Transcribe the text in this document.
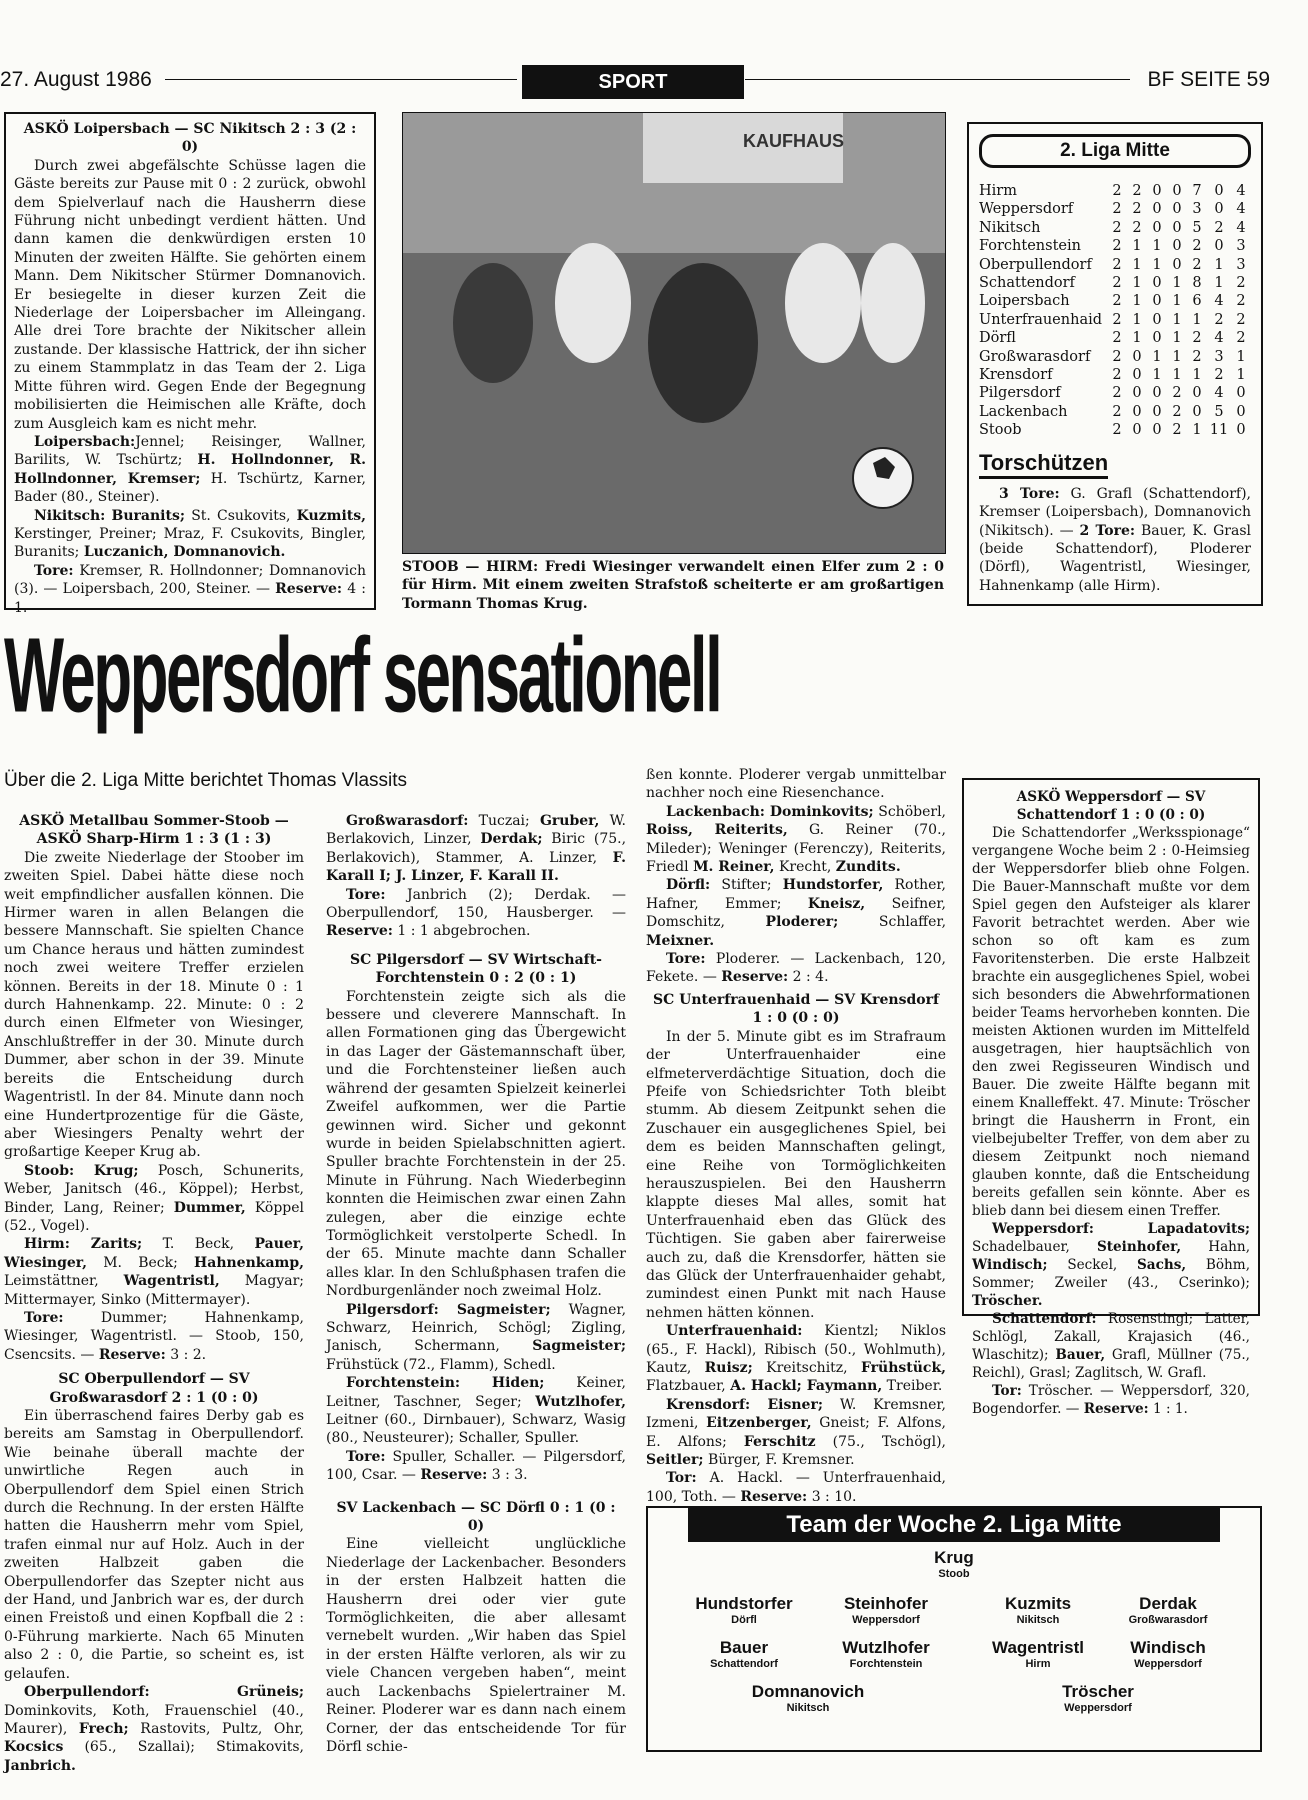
27. August 1986	SPORT	BF SEITE 59
ASKÖ Loipersbach — SC Nikitsch 2 : 3 (2 : 0)

Durch zwei abgefälschte Schüsse lagen die Gäste bereits zur Pause mit 0 : 2 zurück, obwohl dem Spielverlauf nach die Hausherrn diese Führung nicht unbedingt verdient hätten. Und dann kamen die denkwürdigen ersten 10 Minuten der zweiten Hälfte. Sie gehörten einem Mann. Dem Nikitscher Stürmer Domnanovich. Er besiegelte in dieser kurzen Zeit die Niederlage der Loipersbacher im Alleingang. Alle drei Tore brachte der Nikitscher allein zustande. Der klassische Hattrick, der ihn sicher zu einem Stammplatz in das Team der 2. Liga Mitte führen wird. Gegen Ende der Begegnung mobilisierten die Heimischen alle Kräfte, doch zum Ausgleich kam es nicht mehr.

Loipersbach:Jennel; Reisinger, Wallner, Barilits, W. Tschürtz; H. Hollndonner, R. Hollndonner, Kremser; H. Tschürtz, Karner, Bader (80., Steiner).

Nikitsch: Buranits; St. Csukovits, Kuzmits, Kerstinger, Preiner; Mraz, F. Csukovits, Bingler, Buranits; Luczanich, Domnanovich.

Tore: Kremser, R. Hollndonner; Domnanovich (3). — Loipersbach, 200, Steiner. — Reserve: 4 : 1.

KAUFHAUS
STOOB — HIRM: Fredi Wiesinger verwandelt einen Elfer zum 2 : 0 für Hirm. Mit einem zweiten Strafstoß scheiterte er am großartigen Tormann Thomas Krug.
2. Liga Mitte
Hirm	2	2	0	0	7	0	4
Weppersdorf	2	2	0	0	3	0	4
Nikitsch	2	2	0	0	5	2	4
Forchtenstein	2	1	1	0	2	0	3
Oberpullendorf	2	1	1	0	2	1	3
Schattendorf	2	1	0	1	8	1	2
Loipersbach	2	1	0	1	6	4	2
Unterfrauenhaid	2	1	0	1	1	2	2
Dörfl	2	1	0	1	2	4	2
Großwarasdorf	2	0	1	1	2	3	1
Krensdorf	2	0	1	1	1	2	1
Pilgersdorf	2	0	0	2	0	4	0
Lackenbach	2	0	0	2	0	5	0
Stoob	2	0	0	2	1	11	0
Torschützen

3 Tore: G. Grafl (Schattendorf), Kremser (Loipersbach), Domnanovich (Nikitsch). — 2 Tore: Bauer, K. Grasl (beide Schattendorf), Ploderer (Dörfl), Wagentristl, Wiesinger, Hahnenkamp (alle Hirm).

Weppersdorf sensationell
Über die 2. Liga Mitte berichtet Thomas Vlassits
ASKÖ Metallbau Sommer-Stoob — ASKÖ Sharp-Hirm 1 : 3 (1 : 3)

Die zweite Niederlage der Stoober im zweiten Spiel. Dabei hätte diese noch weit empfindlicher ausfallen können. Die Hirmer waren in allen Belangen die bessere Mannschaft. Sie spielten Chance um Chance heraus und hätten zumindest noch zwei weitere Treffer erzielen können. Bereits in der 18. Minute 0 : 1 durch Hahnenkamp. 22. Minute: 0 : 2 durch einen Elfmeter von Wiesinger, Anschlußtreffer in der 30. Minute durch Dummer, aber schon in der 39. Minute bereits die Entscheidung durch Wagentristl. In der 84. Minute dann noch eine Hundertprozentige für die Gäste, aber Wiesingers Penalty wehrt der großartige Keeper Krug ab.

Stoob: Krug; Posch, Schunerits, Weber, Janitsch (46., Köppel); Herbst, Binder, Lang, Reiner; Dummer, Köppel (52., Vogel).

Hirm: Zarits; T. Beck, Pauer, Wiesinger, M. Beck; Hahnenkamp, Leimstättner, Wagentristl, Magyar; Mittermayer, Sinko (Mittermayer).

Tore:	Dummer; Hahnenkamp, Wiesinger, Wagentristl. — Stoob, 150, Csencsits. — Reserve: 3 : 2.

SC Oberpullendorf — SV Großwarasdorf 2 : 1 (0 : 0)

Ein überraschend faires Derby gab es bereits am Samstag in Oberpullendorf. Wie beinahe überall machte der unwirtliche Regen auch in Oberpullendorf dem Spiel einen Strich durch die Rechnung. In der ersten Hälfte hatten die Hausherrn mehr vom Spiel, trafen einmal nur auf Holz. Auch in der zweiten Halbzeit gaben die Oberpullendorfer das Szepter nicht aus der Hand, und Janbrich war es, der durch einen Freistoß und einen Kopfball die 2 : 0-Führung markierte. Nach 65 Minuten also 2 : 0, die Partie, so scheint es, ist gelaufen.

Oberpullendorf: Grüneis; Dominkovits, Koth, Frauenschiel (40., Maurer), Frech; Rastovits, Pultz, Ohr, Kocsics (65., Szallai); Stimakovits, Janbrich.

Großwarasdorf: Tuczai; Gruber, W. Berlakovich, Linzer, Derdak; Biric (75., Berlakovich), Stammer, A. Linzer, F. Karall I; J. Linzer, F. Karall II.

Tore: Janbrich (2); Derdak. — Oberpullendorf, 150, Hausberger. — Reserve: 1 : 1 abgebrochen.

SC Pilgersdorf — SV Wirtschaft-Forchtenstein 0 : 2 (0 : 1)

Forchtenstein zeigte sich als die bessere und cleverere Mannschaft. In allen Formationen ging das Übergewicht in das Lager der Gästemannschaft über, und die Forchtensteiner ließen auch während der gesamten Spielzeit keinerlei Zweifel aufkommen, wer die Partie gewinnen wird. Sicher und gekonnt wurde in beiden Spielabschnitten agiert. Spuller brachte Forchtenstein in der 25. Minute in Führung. Nach Wiederbeginn konnten die Heimischen zwar einen Zahn zulegen, aber die einzige echte Tormöglichkeit verstolperte Schedl. In der 65. Minute machte dann Schaller alles klar. In den Schlußphasen trafen die Nordburgenländer noch zweimal Holz.

Pilgersdorf: Sagmeister; Wagner, Schwarz, Heinrich, Schögl; Zigling, Janisch, Schermann, Sagmeister; Frühstück (72., Flamm), Schedl.

Forchtenstein: Hiden; Keiner, Leitner, Taschner, Seger; Wutzlhofer, Leitner (60., Dirnbauer), Schwarz, Wasig (80., Neusteurer); Schaller, Spuller.

Tore: Spuller, Schaller. — Pilgersdorf, 100, Csar. — Reserve: 3 : 3.

SV Lackenbach — SC Dörfl 0 : 1 (0 : 0)

Eine vielleicht unglückliche Niederlage der Lackenbacher. Besonders in der ersten Halbzeit hatten die Hausherrn drei oder vier gute Tormöglichkeiten, die aber allesamt vernebelt wurden. „Wir haben das Spiel in der ersten Hälfte verloren, als wir zu viele Chancen vergeben haben“, meint auch Lackenbachs Spielertrainer M. Reiner. Ploderer war es dann nach einem Corner, der das entscheidende Tor für Dörfl schie-

ßen konnte. Ploderer vergab unmittelbar nachher noch eine Riesenchance.

Lackenbach: Dominkovits; Schöberl, Roiss, Reiterits, G. Reiner (70., Mileder); Weninger (Ferenczy), Reiterits, Friedl M. Reiner, Krecht, Zundits.

Dörfl: Stifter; Hundstorfer, Rother, Hafner, Emmer; Kneisz, Seifner, Domschitz,	Ploderer;	Schlaffer, Meixner.

Tore: Ploderer. — Lackenbach, 120, Fekete. — Reserve: 2 : 4.

SC Unterfrauenhaid — SV Krensdorf 1 : 0 (0 : 0)

In der 5. Minute gibt es im Strafraum der Unterfrauenhaider eine elfmeterverdächtige Situation, doch die Pfeife von Schiedsrichter Toth bleibt stumm. Ab diesem Zeitpunkt sehen die Zuschauer ein ausgeglichenes Spiel, bei dem es beiden Mannschaften gelingt, eine Reihe von Tormöglichkeiten herauszuspielen. Bei den Hausherrn klappte dieses Mal alles, somit hat Unterfrauenhaid eben das Glück des Tüchtigen. Sie gaben aber fairerweise auch zu, daß die Krensdorfer, hätten sie das Glück der Unterfrauenhaider gehabt, zumindest einen Punkt mit nach Hause nehmen hätten können.

Unterfrauenhaid: Kientzl; Niklos (65., F. Hackl), Ribisch (50., Wohlmuth), Kautz, Ruisz; Kreitschitz, Frühstück, Flatzbauer, A. Hackl; Faymann, Treiber.

Krensdorf: Eisner; W. Kremsner, Izmeni, Eitzenberger, Gneist; F. Alfons, E. Alfons; Ferschitz (75., Tschögl), Seitler; Bürger, F. Kremsner.

Tor: A. Hackl. — Unterfrauenhaid, 100, Toth. — Reserve: 3 : 10.

ASKÖ Weppersdorf — SV Schattendorf 1 : 0 (0 : 0)

Die Schattendorfer „Werksspionage“ vergangene Woche beim 2 : 0-Heimsieg der Weppersdorfer blieb ohne Folgen. Die Bauer-Mannschaft mußte vor dem Spiel gegen den Aufsteiger als klarer Favorit betrachtet werden. Aber wie schon so oft kam es zum Favoritensterben. Die erste Halbzeit brachte ein ausgeglichenes Spiel, wobei sich besonders die Abwehrformationen beider Teams hervorheben konnten. Die meisten Aktionen wurden im Mittelfeld ausgetragen, hier hauptsächlich von den zwei Regisseuren Windisch und Bauer. Die zweite Hälfte begann mit einem Knalleffekt. 47. Minute: Tröscher bringt die Hausherrn in Front, ein vielbejubelter Treffer, von dem aber zu diesem Zeitpunkt noch niemand glauben konnte, daß die Entscheidung bereits gefallen sein könnte. Aber es blieb dann bei diesem einen Treffer.

Weppersdorf: Lapadatovits; Schadelbauer, Steinhofer, Hahn, Windisch; Seckel, Sachs, Böhm, Sommer; Zweiler (43., Cserinko); Tröscher.

Schattendorf: Rosenstingl; Latter, Schlögl, Zakall, Krajasich (46., Wlaschitz); Bauer, Grafl, Müllner (75., Reichl), Grasl; Zaglitsch, W. Grafl.

Tor: Tröscher. — Weppersdorf, 320, Bogendorfer. — Reserve: 1 : 1.

Team der Woche 2. Liga Mitte
Krug
Stoob
Hundstorfer
Dörfl
Steinhofer
Weppersdorf
Kuzmits
Nikitsch
Derdak
Großwarasdorf
Bauer
Schattendorf
Wutzlhofer
Forchtenstein
Wagentristl
Hirm
Windisch
Weppersdorf
Domnanovich
Nikitsch
Tröscher
Weppersdorf
